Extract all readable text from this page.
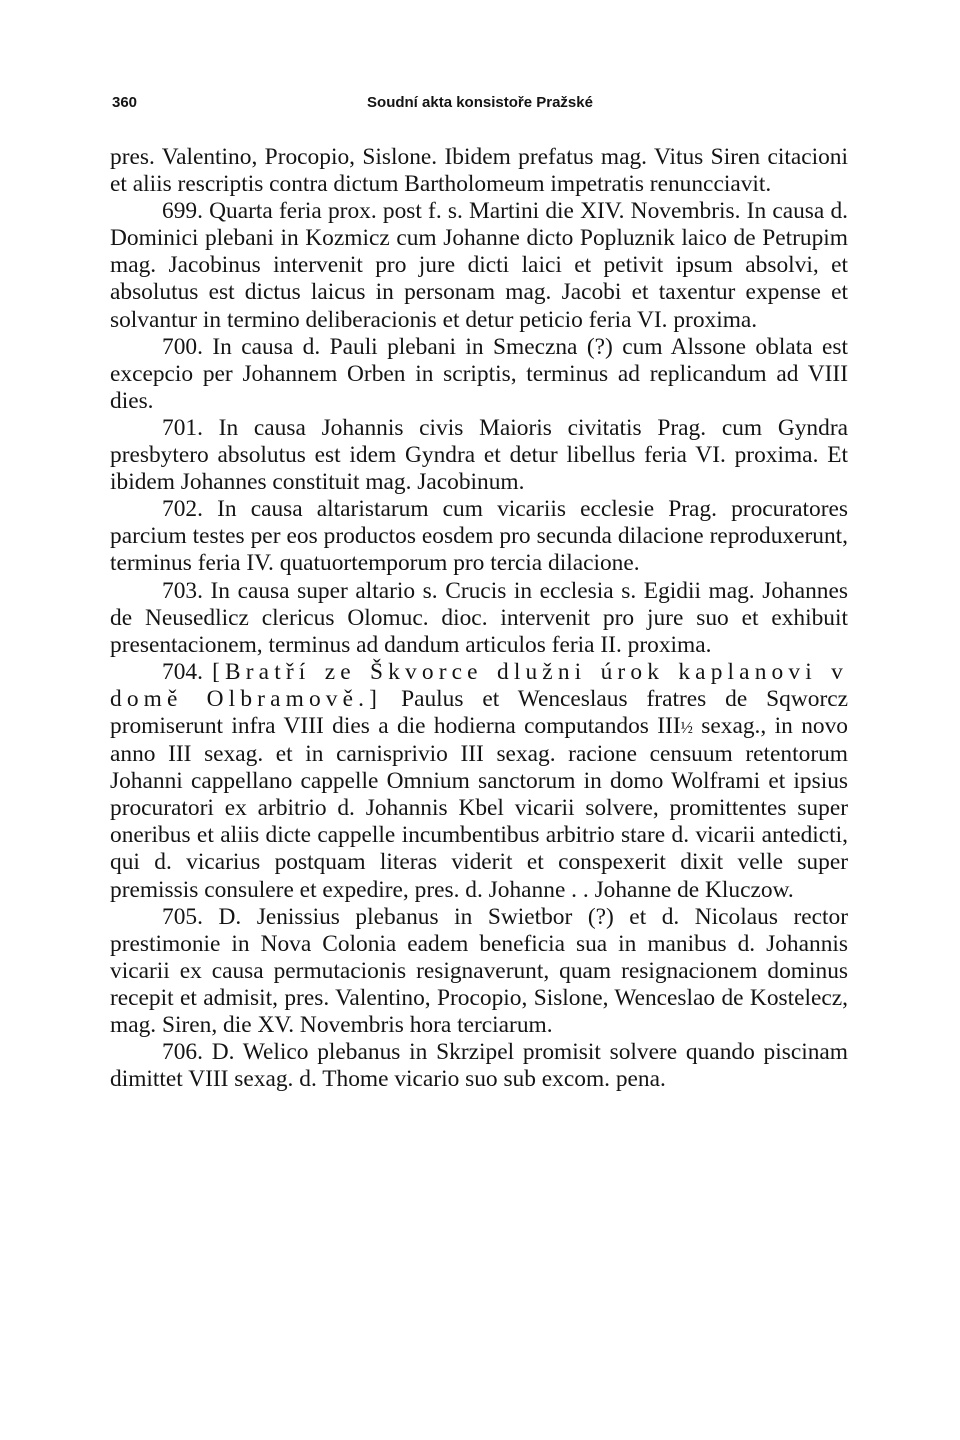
360	Soudní akta konsistoře Pražské

pres. Valentino, Procopio, Sislone. Ibidem prefatus mag. Vitus Siren citacioni et aliis rescriptis contra dictum Bartholomeum impetratis renuncciavit.

699. Quarta feria prox. post f. s. Martini die XIV. Novembris. In causa d. Dominici plebani in Kozmicz cum Johanne dicto Popluznik laico de Petrupim mag. Jacobinus intervenit pro jure dicti laici et petivit ipsum absolvi, et absolutus est dictus laicus in personam mag. Jacobi et taxentur expense et solvantur in termino deliberacionis et detur peticio feria VI. proxima.

700. In causa d. Pauli plebani in Smeczna (?) cum Alssone oblata est excepcio per Johannem Orben in scriptis, terminus ad replicandum ad VIII dies.

701. In causa Johannis civis Maioris civitatis Prag. cum Gyndra presbytero absolutus est idem Gyndra et detur libellus feria VI. proxima. Et ibidem Johannes constituit mag. Jacobinum.

702. In causa altaristarum cum vicariis ecclesie Prag. procuratores parcium testes per eos productos eosdem pro secunda dilacione reproduxerunt, terminus feria IV. quatuortemporum pro tercia dilacione.

703. In causa super altario s. Crucis in ecclesia s. Egidii mag. Johannes de Neusedlicz clericus Olomuc. dioc. intervenit pro jure suo et exhibuit presentacionem, terminus ad dandum articulos feria II. proxima.

704. [Bratří ze Škvorce dlužni úrok kaplanovi v domě Olbramově.] Paulus et Wenceslaus fratres de Sqworcz promiserunt infra VIII dies a die hodierna computandos III½ sexag., in novo anno III sexag. et in carnisprivio III sexag. racione censuum retentorum Johanni cappellano cappelle Omnium sanctorum in domo Wolframi et ipsius procuratori ex arbitrio d. Johannis Kbel vicarii solvere, promittentes super oneribus et aliis dicte cappelle incumbentibus arbitrio stare d. vicarii antedicti, qui d. vicarius postquam literas viderit et conspexerit dixit velle super premissis consulere et expedire, pres. d. Johanne . . Johanne de Kluczow.

705. D. Jenissius plebanus in Swietbor (?) et d. Nicolaus rector prestimonie in Nova Colonia eadem beneficia sua in manibus d. Johannis vicarii ex causa permutacionis resignaverunt, quam resignacionem dominus recepit et admisit, pres. Valentino, Procopio, Sislone, Wenceslao de Kostelecz, mag. Siren, die XV. Novembris hora terciarum.

706. D. Welico plebanus in Skrzipel promisit solvere quando piscinam dimittet VIII sexag. d. Thome vicario suo sub excom. pena.
